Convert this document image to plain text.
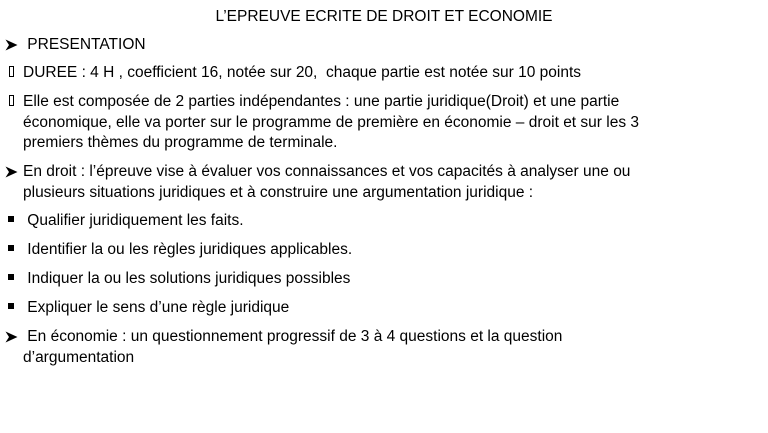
L’EPREUVE ECRITE DE DROIT ET ECONOMIE
PRESENTATION
DUREE : 4 H , coefficient 16, notée sur 20,  chaque partie est notée sur 10 points
Elle est composée de 2 parties indépendantes : une partie juridique(Droit) et une partie
économique, elle va porter sur le programme de première en économie – droit et sur les 3
premiers thèmes du programme de terminale.
En droit : l’épreuve vise à évaluer vos connaissances et vos capacités à analyser une ou
plusieurs situations juridiques et à construire une argumentation juridique :
Qualifier juridiquement les faits.
Identifier la ou les règles juridiques applicables.
Indiquer la ou les solutions juridiques possibles
Expliquer le sens d’une règle juridique
En économie : un questionnement progressif de 3 à 4 questions et la question
d’argumentation
